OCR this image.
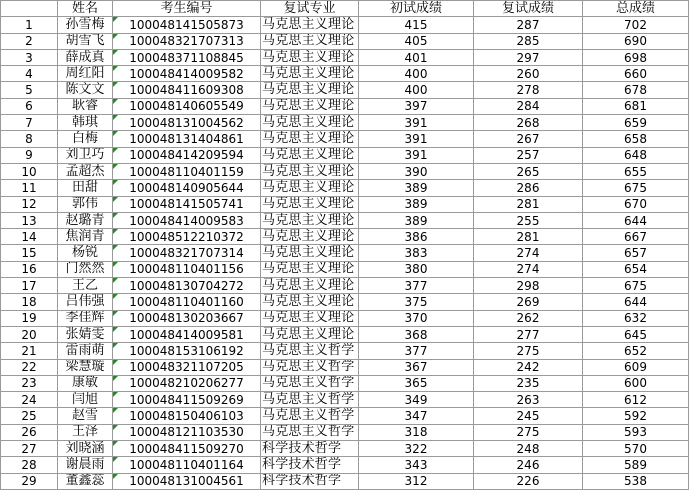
	姓名	考生编号	复试专业	初试成绩	复试成绩	总成绩
1	孙雪梅	100048141505873	马克思主义理论	415	287	702
2	胡雪飞	100048321707313	马克思主义理论	405	285	690
3	薛成真	100048371108845	马克思主义理论	401	297	698
4	周红阳	100048414009582	马克思主义理论	400	260	660
5	陈文文	100048411609308	马克思主义理论	400	278	678
6	耿睿	100048140605549	马克思主义理论	397	284	681
7	韩琪	100048131004562	马克思主义理论	391	268	659
8	白梅	100048131404861	马克思主义理论	391	267	658
9	刘卫巧	100048414209594	马克思主义理论	391	257	648
10	孟超杰	100048110401159	马克思主义理论	390	265	655
11	田甜	100048140905644	马克思主义理论	389	286	675
12	郭伟	100048141505741	马克思主义理论	389	281	670
13	赵璐青	100048414009583	马克思主义理论	389	255	644
14	焦润青	100048512210372	马克思主义理论	386	281	667
15	杨锐	100048321707314	马克思主义理论	383	274	657
16	门然然	100048110401156	马克思主义理论	380	274	654
17	王乙	100048130704272	马克思主义理论	377	298	675
18	吕伟强	100048110401160	马克思主义理论	375	269	644
19	李佳辉	100048130203667	马克思主义理论	370	262	632
20	张婧雯	100048414009581	马克思主义理论	368	277	645
21	雷雨萌	100048153106192	马克思主义哲学	377	275	652
22	梁慧璇	100048321107205	马克思主义哲学	367	242	609
23	康敏	100048210206277	马克思主义哲学	365	235	600
24	闫旭	100048411509269	马克思主义哲学	349	263	612
25	赵雪	100048150406103	马克思主义哲学	347	245	592
26	王泽	100048121103530	马克思主义哲学	318	275	593
27	刘晓涵	100048411509270	科学技术哲学	322	248	570
28	谢晨雨	100048110401164	科学技术哲学	343	246	589
29	董鑫蕊	100048131004561	科学技术哲学	312	226	538
